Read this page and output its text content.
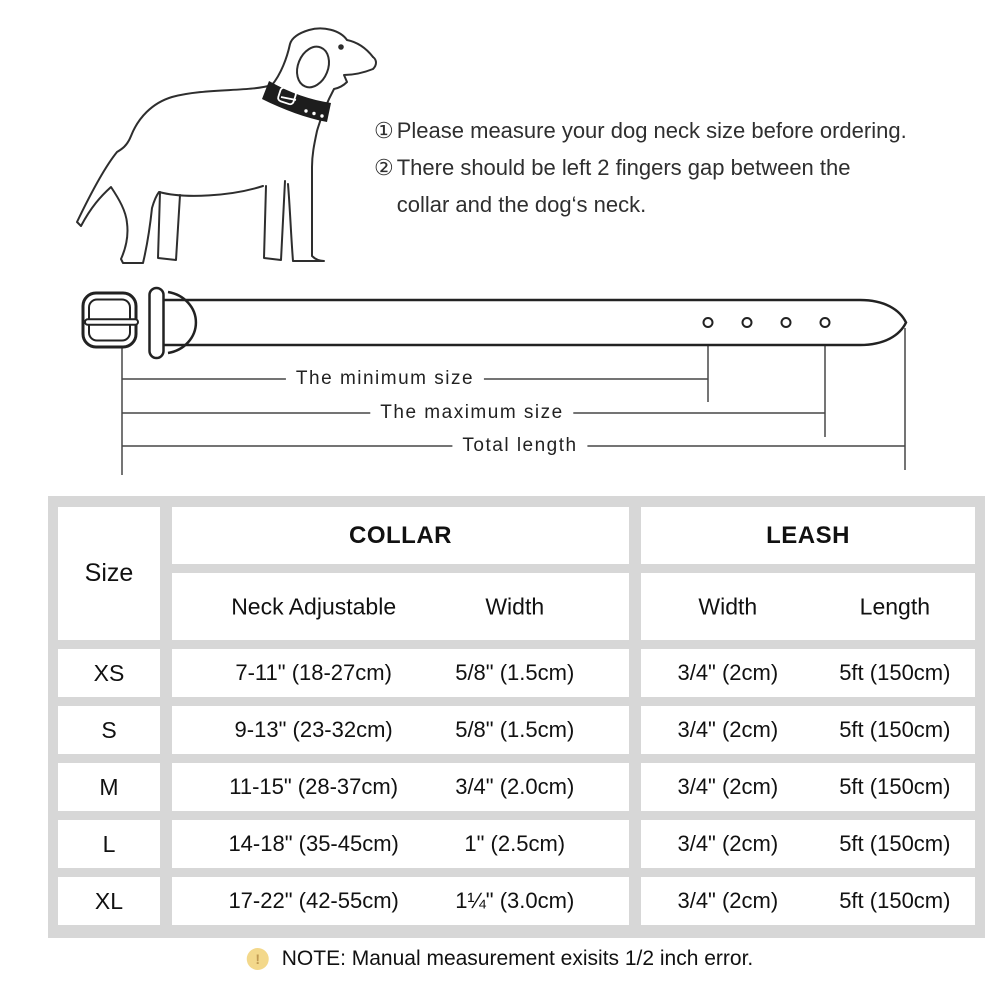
① Please measure your dog neck size before ordering.
② There should be left 2 fingers gap between the
collar and the dog‘s neck.
The minimum size
The maximum size
Total length
Size
COLLAR	LEASH
Neck Adjustable	Width	Width	Length
XS	7-11" (18-27cm)	5/8" (1.5cm)	3/4" (2cm)	5ft (150cm)
S	9-13" (23-32cm)	5/8" (1.5cm)	3/4" (2cm)	5ft (150cm)
M	11-15" (28-37cm)	3/4" (2.0cm)	3/4" (2cm)	5ft (150cm)
L	14-18" (35-45cm)	1" (2.5cm)	3/4" (2cm)	5ft (150cm)
XL	17-22" (42-55cm)	1¼" (3.0cm)	3/4" (2cm)	5ft (150cm)
!	NOTE: Manual measurement exisits 1/2 inch error.
